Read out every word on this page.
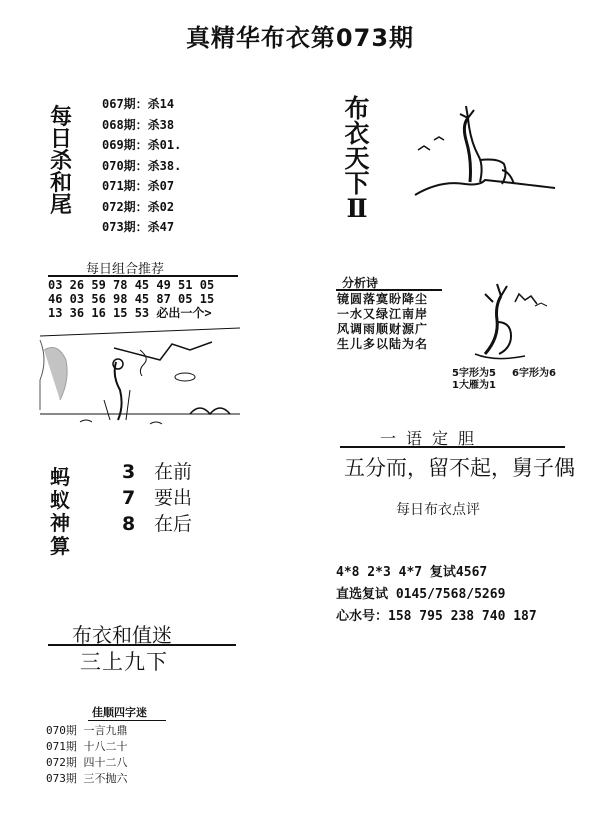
真精华布衣第073期
每
日
杀
和
尾
067期：杀14
068期：杀38
069期：杀01.
070期：杀38.
071期：杀07
072期：杀02
073期：杀47
布
衣
天
下
Ⅱ
每日组合推荐
03 26 59 78 45 49 51 05
46 03 56 98 45 87 05 15
13 36 16 15 53 必出一个>
分析诗
镜圆落寞盼降尘
一水又绿江南岸
风调雨顺财源广
生儿多以陆为名
5字形为5 6字形为6
1大雁为1
一语定胆
五分而，留不起，舅子偶
每日布衣点评
蚂
蚁
神
算
3 在前
7 要出
8 在后
4*8 2*3 4*7 复试4567
直选复试 0145/7568/5269
心水号：158 795 238 740 187
布衣和值迷
三上九下
佳顺四字迷
070期 一言九鼎
071期 十八二十
072期 四十二八
073期 三不抛六
